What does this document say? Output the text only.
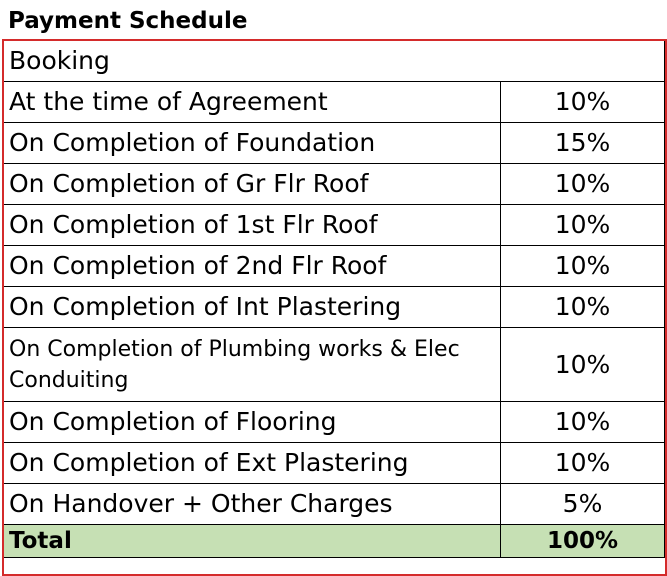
Payment Schedule
Booking	
At the time of Agreement	10%
On Completion of Foundation	15%
On Completion of Gr Flr Roof	10%
On Completion of 1st Flr Roof	10%
On Completion of 2nd Flr Roof	10%
On Completion of Int Plastering	10%
On Completion of Plumbing works & Elec Conduiting	10%
On Completion of Flooring	10%
On Completion of Ext Plastering	10%
On Handover + Other Charges	5%
Total	100%
